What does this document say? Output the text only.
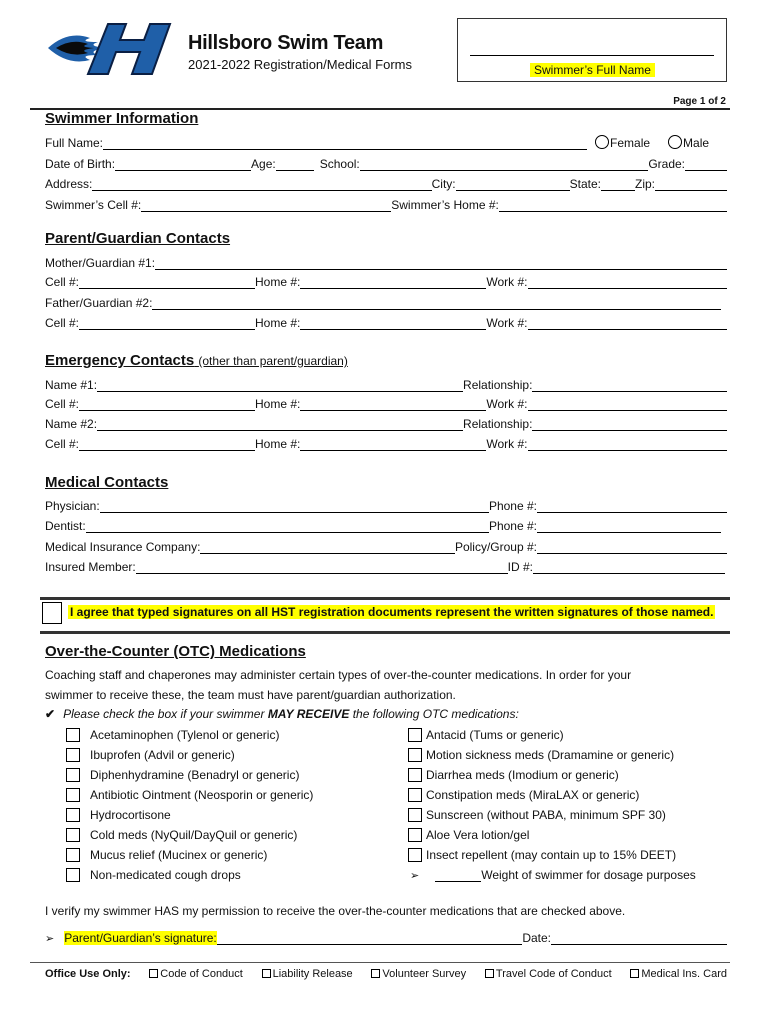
Hillsboro Swim Team
2021-2022 Registration/Medical Forms	Swimmer’s Full Name
Page 1 of 2
Swimmer Information
Full Name:	Female	Male
Date of Birth:	Age:	School:	Grade:
Address:	City:	State:	Zip:
Swimmer’s Cell #:	Swimmer’s Home #:
Parent/Guardian Contacts
Mother/Guardian #1:
Cell #:	Home #:	Work #:
Father/Guardian #2:
Cell #:	Home #:	Work #:
Emergency Contacts (other than parent/guardian)
Name #1:	Relationship:
Cell #:	Home #:	Work #:
Name #2:	Relationship:
Cell #:	Home #:	Work #:
Medical Contacts
Physician:	Phone #:
Dentist:	Phone #:
Medical Insurance Company:	Policy/Group #:
Insured Member:	ID #:
I agree that typed signatures on all HST registration documents represent the written signatures of those named.
Over-the-Counter (OTC) Medications
Coaching staff and chaperones may administer certain types of over-the-counter medications. In order for your
swimmer to receive these, the team must have parent/guardian authorization.
✔ Please check the box if your swimmer MAY RECEIVE the following OTC medications:
➢	Weight of swimmer for dosage purposes
I verify my swimmer HAS my permission to receive the over-the-counter medications that are checked above.
➢ Parent/Guardian’s signature:	Date:
Office Use Only:	Code of Conduct	Liability Release	Volunteer Survey	Travel Code of Conduct	Medical Ins. Card
Acetaminophen (Tylenol or generic)
Ibuprofen (Advil or generic)
Diphenhydramine (Benadryl or generic)
Antibiotic Ointment (Neosporin or generic)
Hydrocortisone
Cold meds (NyQuil/DayQuil or generic)
Mucus relief (Mucinex or generic)
Non-medicated cough drops
Antacid (Tums or generic)
Motion sickness meds (Dramamine or generic)
Diarrhea meds (Imodium or generic)
Constipation meds (MiraLAX or generic)
Sunscreen (without PABA, minimum SPF 30)
Aloe Vera lotion/gel
Insect repellent (may contain up to 15% DEET)
